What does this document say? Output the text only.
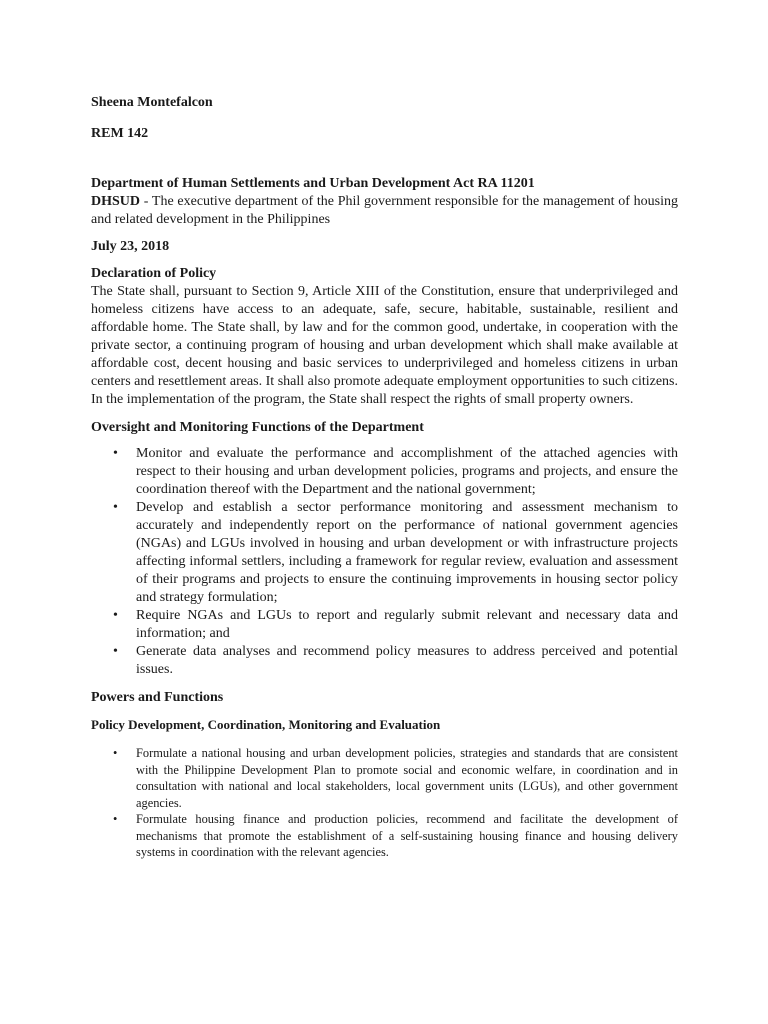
Sheena Montefalcon

REM 142

Department of Human Settlements and Urban Development Act RA 11201

DHSUD - The executive department of the Phil government responsible for the management of housing and related development in the Philippines

July 23, 2018

Declaration of Policy

The State shall, pursuant to Section 9, Article XIII of the Constitution, ensure that underprivileged and homeless citizens have access to an adequate, safe, secure, habitable, sustainable, resilient and affordable home. The State shall, by law and for the common good, undertake, in cooperation with the private sector, a continuing program of housing and urban development which shall make available at affordable cost, decent housing and basic services to underprivileged and homeless citizens in urban centers and resettlement areas. It shall also promote adequate employment opportunities to such citizens. In the implementation of the program, the State shall respect the rights of small property owners.

Oversight and Monitoring Functions of the Department

• Monitor and evaluate the performance and accomplishment of the attached agencies with respect to their housing and urban development policies, programs and projects, and ensure the coordination thereof with the Department and the national government;
• Develop and establish a sector performance monitoring and assessment mechanism to accurately and independently report on the performance of national government agencies (NGAs) and LGUs involved in housing and urban development or with infrastructure projects affecting informal settlers, including a framework for regular review, evaluation and assessment of their programs and projects to ensure the continuing improvements in housing sector policy and strategy formulation;
• Require NGAs and LGUs to report and regularly submit relevant and necessary data and information; and
• Generate data analyses and recommend policy measures to address perceived and potential issues.

Powers and Functions

Policy Development, Coordination, Monitoring and Evaluation

• Formulate a national housing and urban development policies, strategies and standards that are consistent with the Philippine Development Plan to promote social and economic welfare, in coordination and in consultation with national and local stakeholders, local government units (LGUs), and other government agencies.
• Formulate housing finance and production policies, recommend and facilitate the development of mechanisms that promote the establishment of a self-sustaining housing finance and housing delivery systems in coordination with the relevant agencies.
